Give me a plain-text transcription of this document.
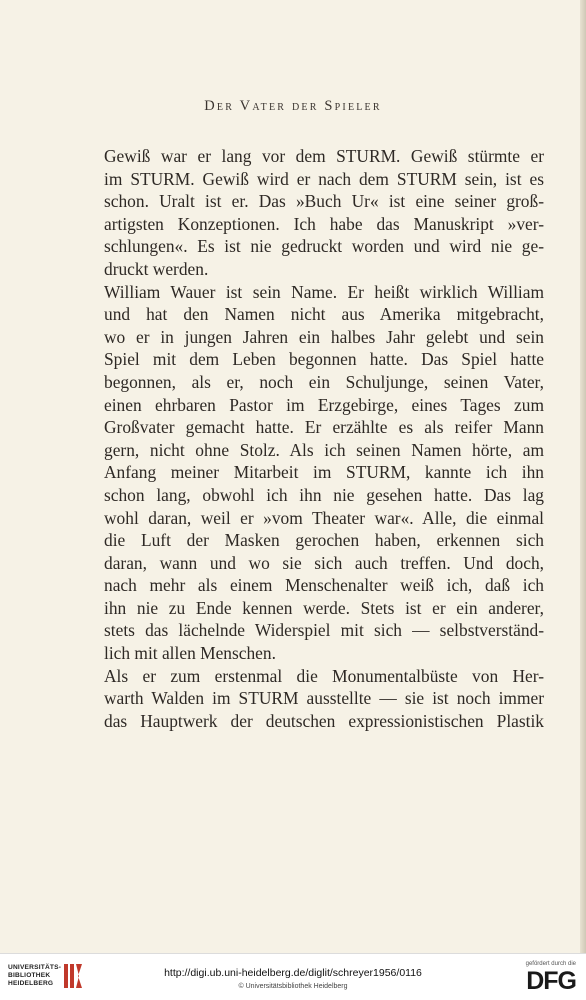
Der Vater der Spieler
Gewiß war er lang vor dem STURM. Gewiß stürmte er
im STURM. Gewiß wird er nach dem STURM sein, ist es
schon. Uralt ist er. Das »Buch Ur« ist eine seiner groß-
artigsten Konzeptionen. Ich habe das Manuskript »ver-
schlungen«. Es ist nie gedruckt worden und wird nie ge-
druckt werden.
William Wauer ist sein Name. Er heißt wirklich William
und hat den Namen nicht aus Amerika mitgebracht,
wo er in jungen Jahren ein halbes Jahr gelebt und sein
Spiel mit dem Leben begonnen hatte. Das Spiel hatte
begonnen, als er, noch ein Schuljunge, seinen Vater,
einen ehrbaren Pastor im Erzgebirge, eines Tages zum
Großvater gemacht hatte. Er erzählte es als reifer Mann
gern, nicht ohne Stolz. Als ich seinen Namen hörte, am
Anfang meiner Mitarbeit im STURM, kannte ich ihn
schon lang, obwohl ich ihn nie gesehen hatte. Das lag
wohl daran, weil er »vom Theater war«. Alle, die einmal
die Luft der Masken gerochen haben, erkennen sich
daran, wann und wo sie sich auch treffen. Und doch,
nach mehr als einem Menschenalter weiß ich, daß ich
ihn nie zu Ende kennen werde. Stets ist er ein anderer,
stets das lächelnde Widerspiel mit sich — selbstverständ-
lich mit allen Menschen.
Als er zum erstenmal die Monumentalbüste von Her-
warth Walden im STURM ausstellte — sie ist noch immer
das Hauptwerk der deutschen expressionistischen Plastik
UNIVERSITÄTS-
BIBLIOTHEK
HEIDELBERG
http://digi.ub.uni-heidelberg.de/diglit/schreyer1956/0116
© Universitätsbibliothek Heidelberg
gefördert durch die
DFG
